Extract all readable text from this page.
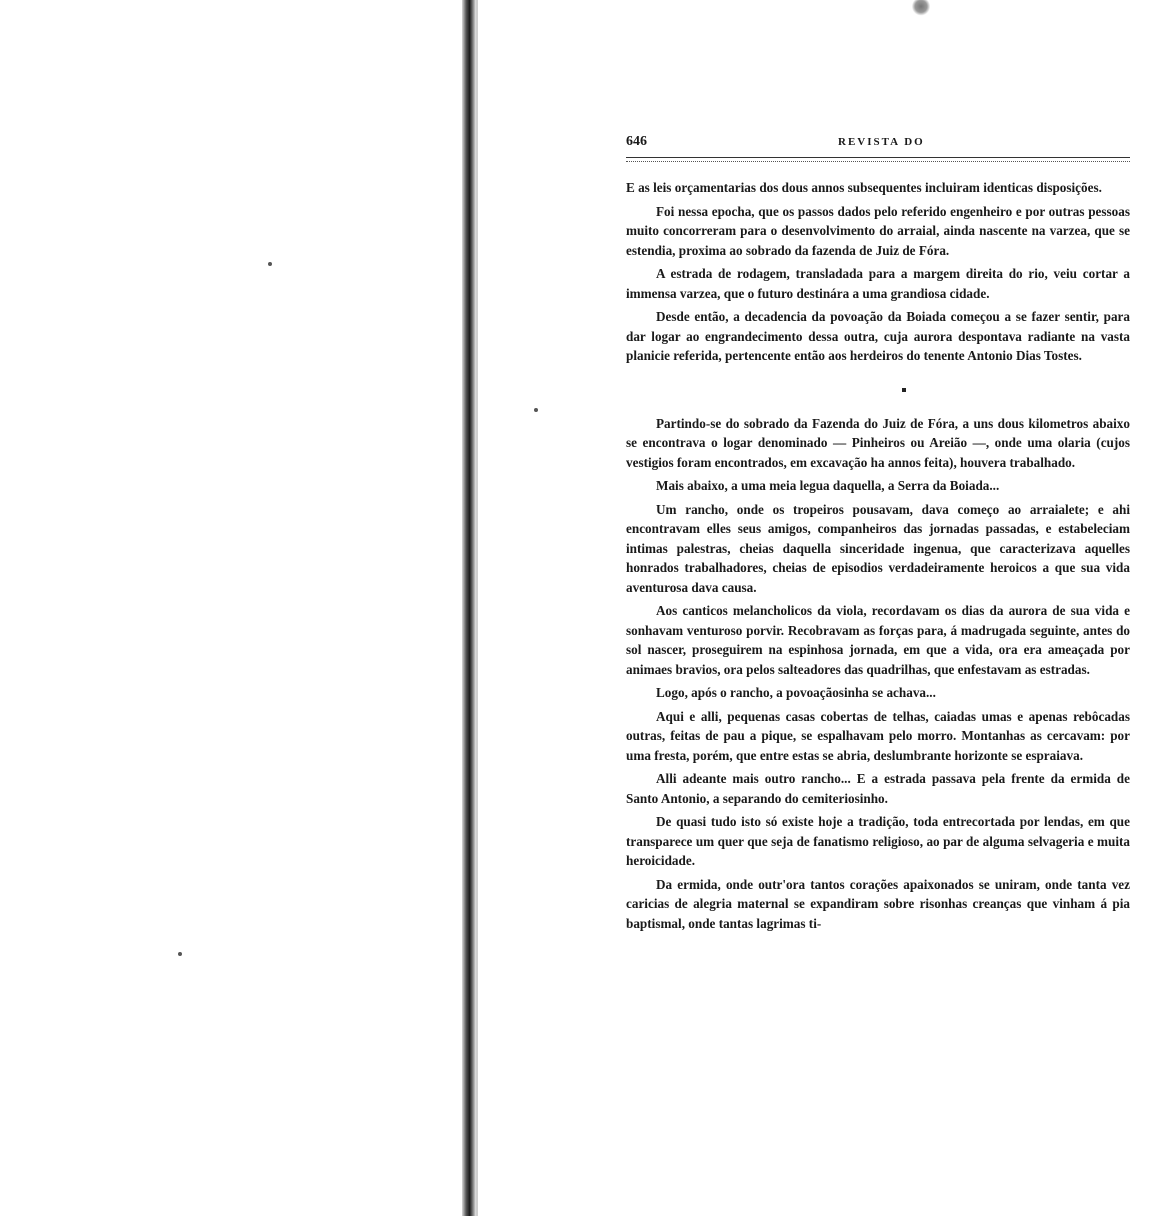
646	REVISTA DO

E as leis orçamentarias dos dous annos subsequentes incluiram identicas disposições.

Foi nessa epocha, que os passos dados pelo referido engenheiro e por outras pessoas muito concorreram para o desenvolvimento do arraial, ainda nascente na varzea, que se estendia, proxima ao sobrado da fazenda de Juiz de Fóra.

A estrada de rodagem, transladada para a margem direita do rio, veiu cortar a immensa varzea, que o futuro destinára a uma grandiosa cidade.

Desde então, a decadencia da povoação da Boiada começou a se fazer sentir, para dar logar ao engrandecimento dessa outra, cuja aurora despontava radiante na vasta planicie referida, pertencente então aos herdeiros do tenente Antonio Dias Tostes.

Partindo-se do sobrado da Fazenda do Juiz de Fóra, a uns dous kilometros abaixo se encontrava o logar denominado — Pinheiros ou Areião —, onde uma olaria (cujos vestigios foram encontrados, em excavação ha annos feita), houvera trabalhado.

Mais abaixo, a uma meia legua daquella, a Serra da Boiada...

Um rancho, onde os tropeiros pousavam, dava começo ao arraialete; e ahi encontravam elles seus amigos, companheiros das jornadas passadas, e estabeleciam intimas palestras, cheias daquella sinceridade ingenua, que caracterizava aquelles honrados trabalhadores, cheias de episodios verdadeiramente heroicos a que sua vida aventurosa dava causa.

Aos canticos melancholicos da viola, recordavam os dias da aurora de sua vida e sonhavam venturoso porvir. Recobravam as forças para, á madrugada seguinte, antes do sol nascer, proseguirem na espinhosa jornada, em que a vida, ora era ameaçada por animaes bravios, ora pelos salteadores das quadrilhas, que enfestavam as estradas.

Logo, após o rancho, a povoaçãosinha se achava...

Aqui e alli, pequenas casas cobertas de telhas, caiadas umas e apenas rebôcadas outras, feitas de pau a pique, se espalhavam pelo morro. Montanhas as cercavam: por uma fresta, porém, que entre estas se abria, deslumbrante horizonte se espraiava.

Alli adeante mais outro rancho... E a estrada passava pela frente da ermida de Santo Antonio, a separando do cemiteriosinho.

De quasi tudo isto só existe hoje a tradição, toda entrecortada por lendas, em que transparece um quer que seja de fanatismo religioso, ao par de alguma selvageria e muita heroicidade.

Da ermida, onde outr'ora tantos corações apaixonados se uniram, onde tanta vez caricias de alegria maternal se expandiram sobre risonhas creanças que vinham á pia baptismal, onde tantas lagrimas ti-
